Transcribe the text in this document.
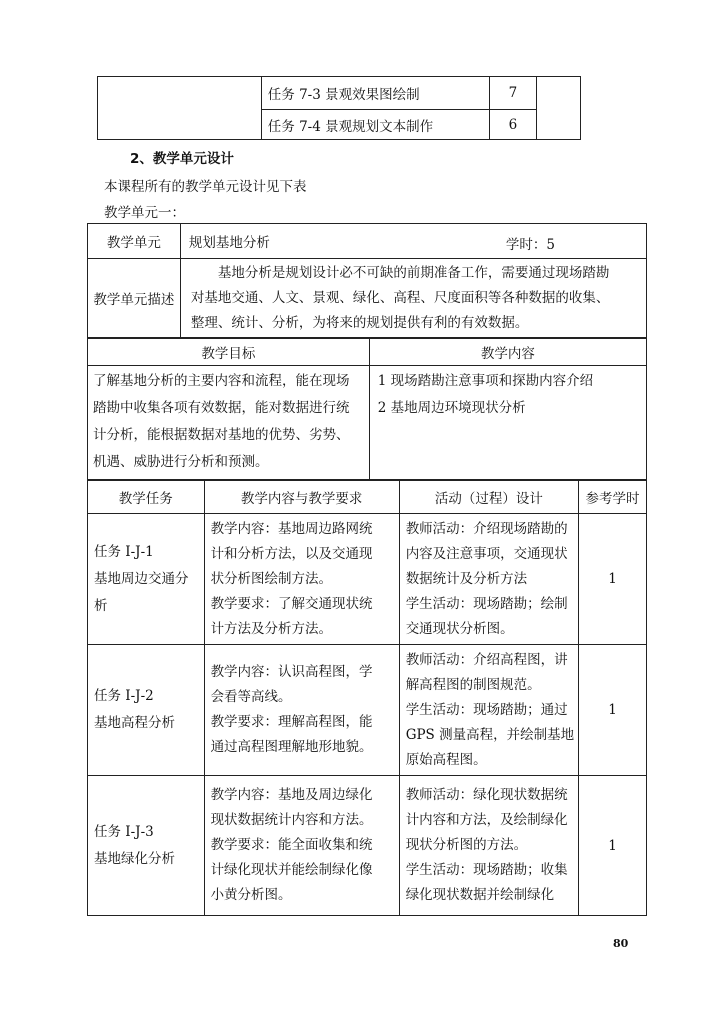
	任务 7-3 景观效果图绘制	7	
	任务 7-4 景观规划文本制作	6	
2、教学单元设计
本课程所有的教学单元设计见下表
教学单元一：
教学单元	规划基地分析 学时：5

教学单元描述	基地分析是规划设计必不可缺的前期准备工作，需要通过现场踏勘
对基地交通、人文、景观、绿化、高程、尺度面积等各种数据的收集、
整理、统计、分析，为将来的规划提供有利的有效数据。
教学目标	教学内容

了解基地分析的主要内容和流程，能在现场
踏勘中收集各项有效数据，能对数据进行统
计分析，能根据数据对基地的优势、劣势、
机遇、威胁进行分析和预测。	1 现场踏勘注意事项和探勘内容介绍
2 基地周边环境现状分析
教学任务	教学内容与教学要求	活动（过程）设计	参考学时

任务 I-J-1
基地周边交通分
析	教学内容：基地周边路网统
计和分析方法，以及交通现
状分析图绘制方法。
教学要求：了解交通现状统
计方法及分析方法。	教师活动：介绍现场踏勘的
内容及注意事项，交通现状
数据统计及分析方法
学生活动：现场踏勘；绘制
交通现状分析图。	1

任务 I-J-2
基地高程分析	教学内容：认识高程图，学
会看等高线。
教学要求：理解高程图，能
通过高程图理解地形地貌。	教师活动：介绍高程图，讲
解高程图的制图规范。
学生活动：现场踏勘；通过
GPS 测量高程，并绘制基地
原始高程图。	1

任务 I-J-3
基地绿化分析	教学内容：基地及周边绿化
现状数据统计内容和方法。
教学要求：能全面收集和统
计绿化现状并能绘制绿化像
小黄分析图。	教师活动：绿化现状数据统
计内容和方法，及绘制绿化
现状分析图的方法。
学生活动：现场踏勘；收集
绿化现状数据并绘制绿化	1
80
